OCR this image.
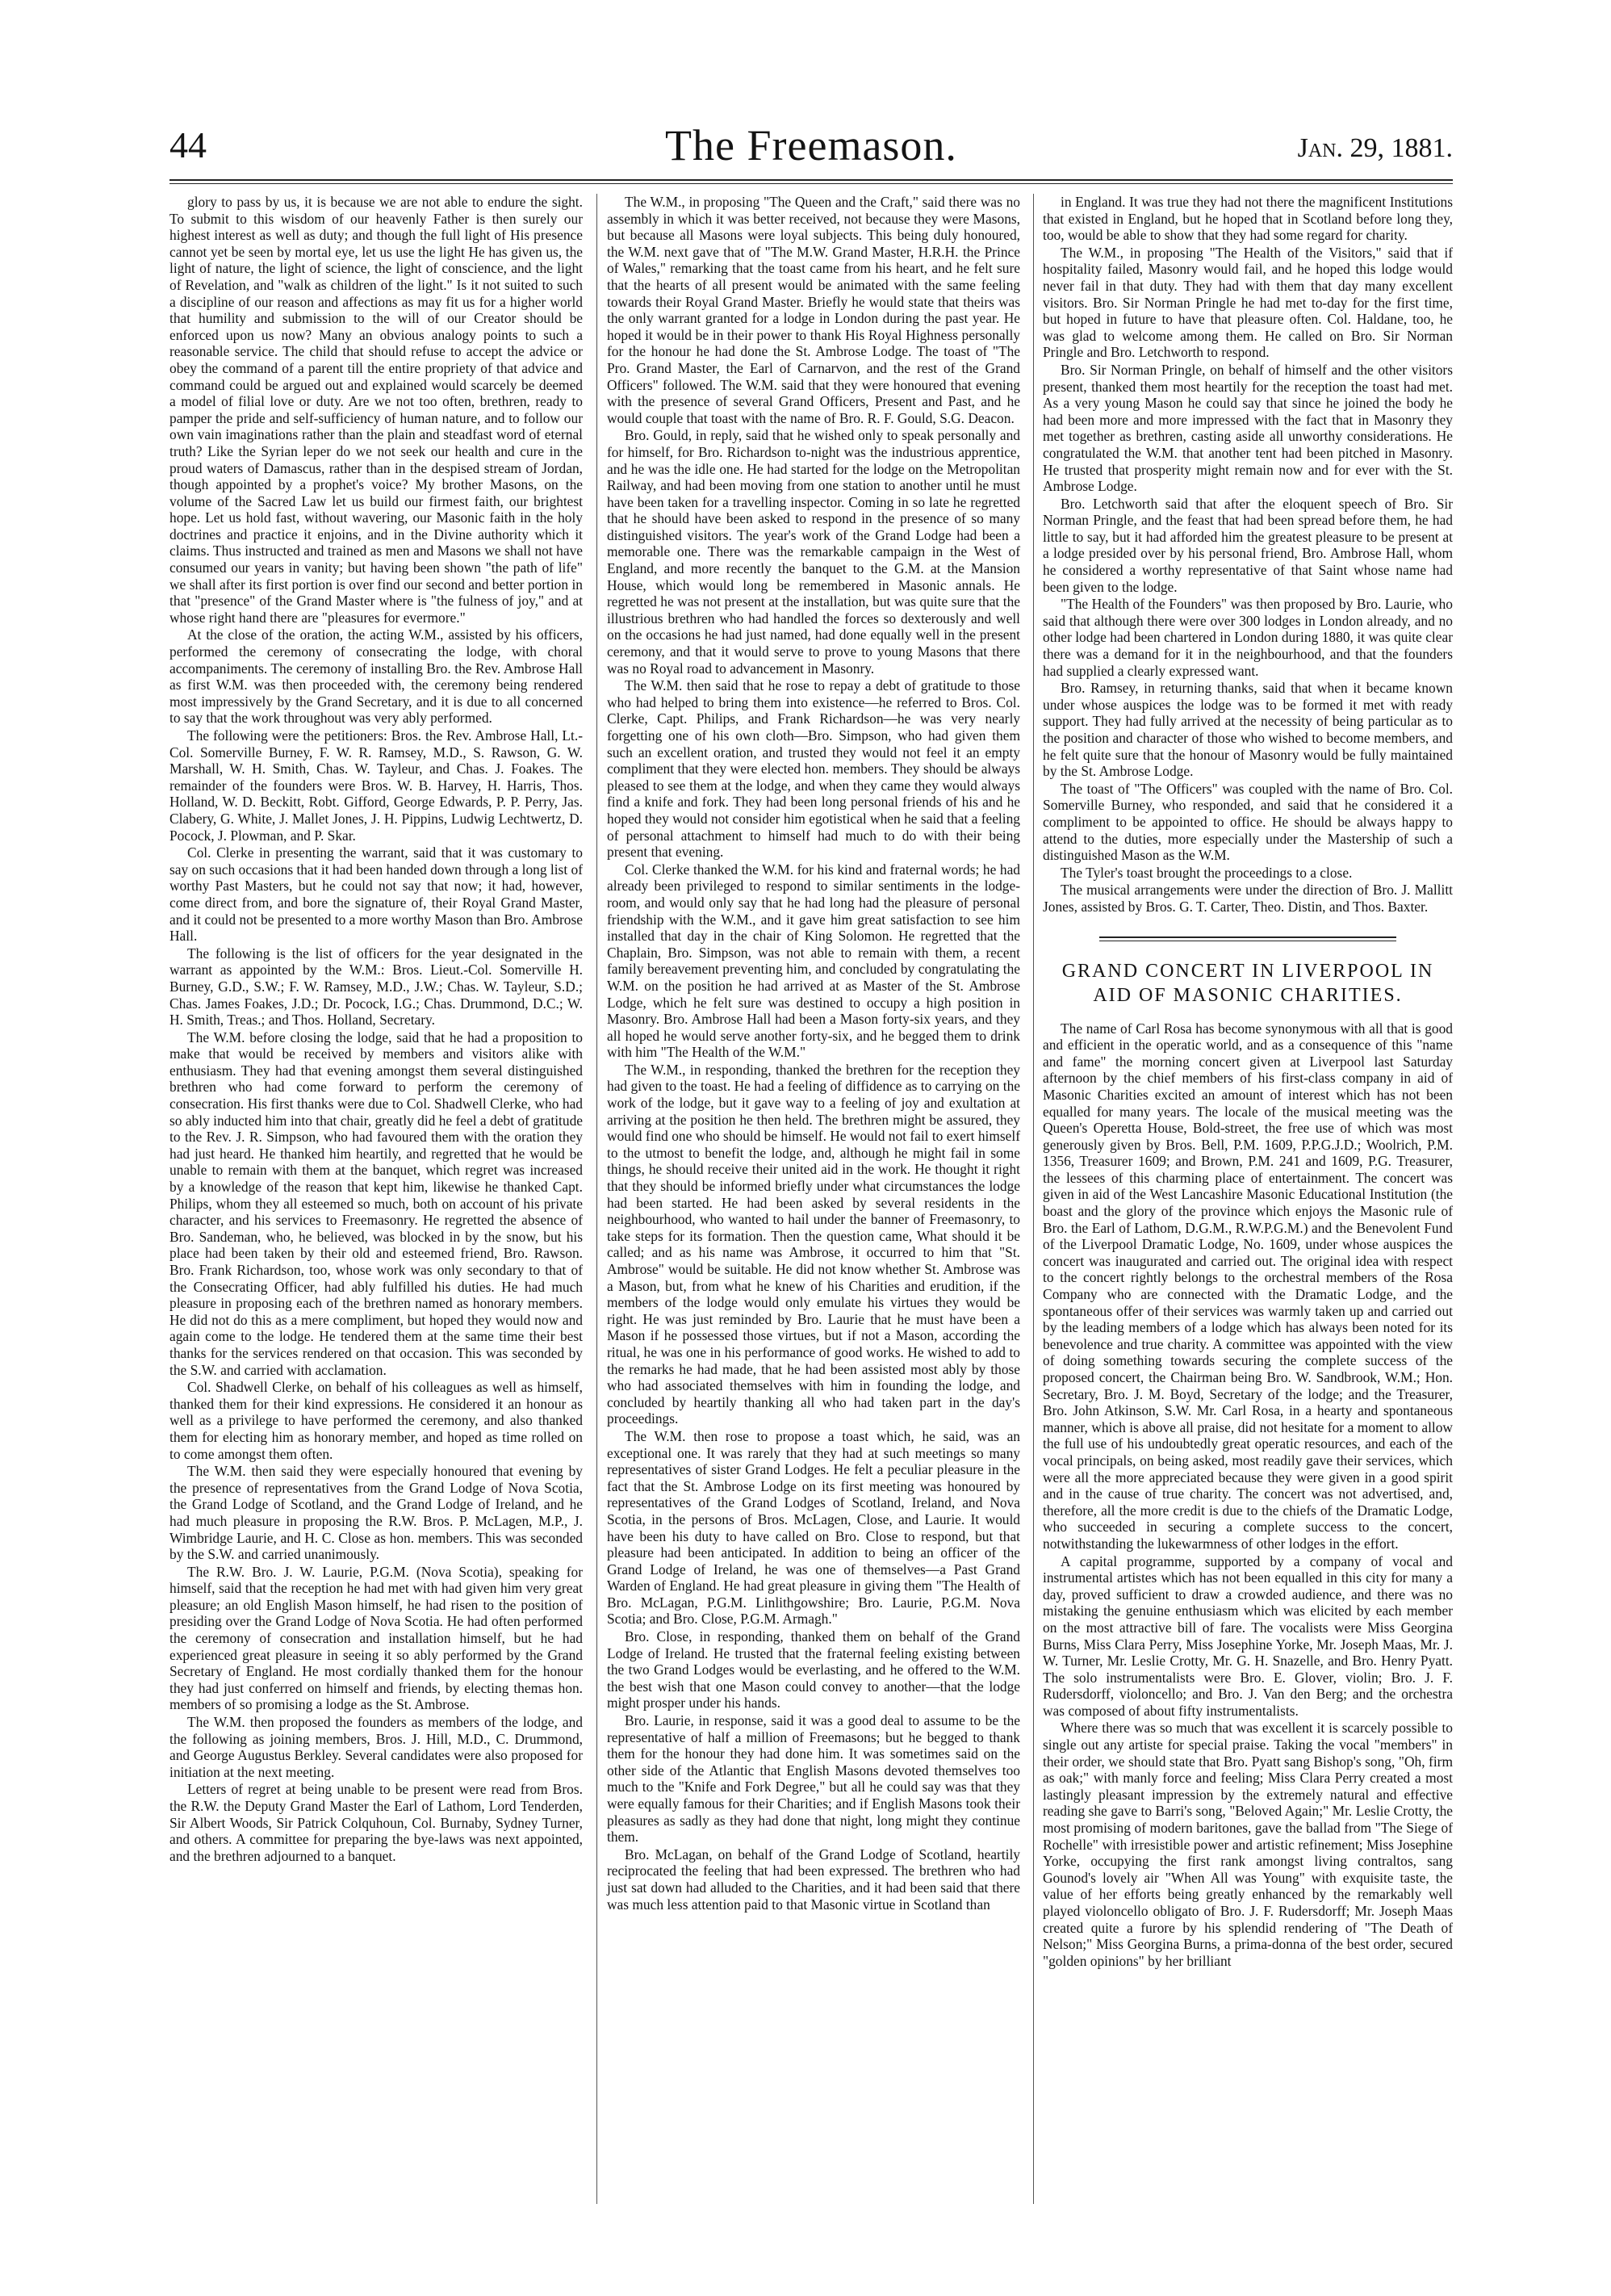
44	The Freemason.	Jan. 29, 1881.

glory to pass by us, it is because we are not able to endure the sight. To submit to this wisdom of our heavenly Father is then surely our highest interest as well as duty; and though the full light of His presence cannot yet be seen by mortal eye, let us use the light He has given us, the light of nature, the light of science, the light of conscience, and the light of Revelation, and "walk as children of the light." Is it not suited to such a discipline of our reason and affections as may fit us for a higher world that humility and submission to the will of our Creator should be enforced upon us now? Many an obvious analogy points to such a reasonable service. The child that should refuse to accept the advice or obey the command of a parent till the entire propriety of that advice and command could be argued out and explained would scarcely be deemed a model of filial love or duty. Are we not too often, brethren, ready to pamper the pride and self-sufficiency of human nature, and to follow our own vain imaginations rather than the plain and steadfast word of eternal truth? Like the Syrian leper do we not seek our health and cure in the proud waters of Damascus, rather than in the despised stream of Jordan, though appointed by a prophet's voice? My brother Masons, on the volume of the Sacred Law let us build our firmest faith, our brightest hope. Let us hold fast, without wavering, our Masonic faith in the holy doctrines and practice it enjoins, and in the Divine authority which it claims. Thus instructed and trained as men and Masons we shall not have consumed our years in vanity; but having been shown "the path of life" we shall after its first portion is over find our second and better portion in that "presence" of the Grand Master where is "the fulness of joy," and at whose right hand there are "pleasures for evermore."

At the close of the oration, the acting W.M., assisted by his officers, performed the ceremony of consecrating the lodge, with choral accompaniments. The ceremony of installing Bro. the Rev. Ambrose Hall as first W.M. was then proceeded with, the ceremony being rendered most impressively by the Grand Secretary, and it is due to all concerned to say that the work throughout was very ably performed.

The following were the petitioners: Bros. the Rev. Ambrose Hall, Lt.-Col. Somerville Burney, F. W. R. Ramsey, M.D., S. Rawson, G. W. Marshall, W. H. Smith, Chas. W. Tayleur, and Chas. J. Foakes. The remainder of the founders were Bros. W. B. Harvey, H. Harris, Thos. Holland, W. D. Beckitt, Robt. Gifford, George Edwards, P. P. Perry, Jas. Clabery, G. White, J. Mallet Jones, J. H. Pippins, Ludwig Lechtwertz, D. Pocock, J. Plowman, and P. Skar.

Col. Clerke in presenting the warrant, said that it was customary to say on such occasions that it had been handed down through a long list of worthy Past Masters, but he could not say that now; it had, however, come direct from, and bore the signature of, their Royal Grand Master, and it could not be presented to a more worthy Mason than Bro. Ambrose Hall.

The following is the list of officers for the year designated in the warrant as appointed by the W.M.: Bros. Lieut.-Col. Somerville H. Burney, G.D., S.W.; F. W. Ramsey, M.D., J.W.; Chas. W. Tayleur, S.D.; Chas. James Foakes, J.D.; Dr. Pocock, I.G.; Chas. Drummond, D.C.; W. H. Smith, Treas.; and Thos. Holland, Secretary.

The W.M. before closing the lodge, said that he had a proposition to make that would be received by members and visitors alike with enthusiasm. They had that evening amongst them several distinguished brethren who had come forward to perform the ceremony of consecration. His first thanks were due to Col. Shadwell Clerke, who had so ably inducted him into that chair, greatly did he feel a debt of gratitude to the Rev. J. R. Simpson, who had favoured them with the oration they had just heard. He thanked him heartily, and regretted that he would be unable to remain with them at the banquet, which regret was increased by a knowledge of the reason that kept him, likewise he thanked Capt. Philips, whom they all esteemed so much, both on account of his private character, and his services to Freemasonry. He regretted the absence of Bro. Sandeman, who, he believed, was blocked in by the snow, but his place had been taken by their old and esteemed friend, Bro. Rawson. Bro. Frank Richardson, too, whose work was only secondary to that of the Consecrating Officer, had ably fulfilled his duties. He had much pleasure in proposing each of the brethren named as honorary members. He did not do this as a mere compliment, but hoped they would now and again come to the lodge. He tendered them at the same time their best thanks for the services rendered on that occasion. This was seconded by the S.W. and carried with acclamation.

Col. Shadwell Clerke, on behalf of his colleagues as well as himself, thanked them for their kind expressions. He considered it an honour as well as a privilege to have performed the ceremony, and also thanked them for electing him as honorary member, and hoped as time rolled on to come amongst them often.

The W.M. then said they were especially honoured that evening by the presence of representatives from the Grand Lodge of Nova Scotia, the Grand Lodge of Scotland, and the Grand Lodge of Ireland, and he had much pleasure in proposing the R.W. Bros. P. McLagen, M.P., J. Wimbridge Laurie, and H. C. Close as hon. members. This was seconded by the S.W. and carried unanimously.

The R.W. Bro. J. W. Laurie, P.G.M. (Nova Scotia), speaking for himself, said that the reception he had met with had given him very great pleasure; an old English Mason himself, he had risen to the position of presiding over the Grand Lodge of Nova Scotia. He had often performed the ceremony of consecration and installation himself, but he had experienced great pleasure in seeing it so ably performed by the Grand Secretary of England. He most cordially thanked them for the honour they had just conferred on himself and friends, by electing themas hon. members of so promising a lodge as the St. Ambrose.

The W.M. then proposed the founders as members of the lodge, and the following as joining members, Bros. J. Hill, M.D., C. Drummond, and George Augustus Berkley. Several candidates were also proposed for initiation at the next meeting.

Letters of regret at being unable to be present were read from Bros. the R.W. the Deputy Grand Master the Earl of Lathom, Lord Tenderden, Sir Albert Woods, Sir Patrick Colquhoun, Col. Burnaby, Sydney Turner, and others. A committee for preparing the bye-laws was next appointed, and the brethren adjourned to a banquet.

The W.M., in proposing "The Queen and the Craft," said there was no assembly in which it was better received, not because they were Masons, but because all Masons were loyal subjects. This being duly honoured, the W.M. next gave that of "The M.W. Grand Master, H.R.H. the Prince of Wales," remarking that the toast came from his heart, and he felt sure that the hearts of all present would be animated with the same feeling towards their Royal Grand Master. Briefly he would state that theirs was the only warrant granted for a lodge in London during the past year. He hoped it would be in their power to thank His Royal Highness personally for the honour he had done the St. Ambrose Lodge. The toast of "The Pro. Grand Master, the Earl of Carnarvon, and the rest of the Grand Officers" followed. The W.M. said that they were honoured that evening with the presence of several Grand Officers, Present and Past, and he would couple that toast with the name of Bro. R. F. Gould, S.G. Deacon.

Bro. Gould, in reply, said that he wished only to speak personally and for himself, for Bro. Richardson to-night was the industrious apprentice, and he was the idle one. He had started for the lodge on the Metropolitan Railway, and had been moving from one station to another until he must have been taken for a travelling inspector. Coming in so late he regretted that he should have been asked to respond in the presence of so many distinguished visitors. The year's work of the Grand Lodge had been a memorable one. There was the remarkable campaign in the West of England, and more recently the banquet to the G.M. at the Mansion House, which would long be remembered in Masonic annals. He regretted he was not present at the installation, but was quite sure that the illustrious brethren who had handled the forces so dexterously and well on the occasions he had just named, had done equally well in the present ceremony, and that it would serve to prove to young Masons that there was no Royal road to advancement in Masonry.

The W.M. then said that he rose to repay a debt of gratitude to those who had helped to bring them into existence—he referred to Bros. Col. Clerke, Capt. Philips, and Frank Richardson—he was very nearly forgetting one of his own cloth—Bro. Simpson, who had given them such an excellent oration, and trusted they would not feel it an empty compliment that they were elected hon. members. They should be always pleased to see them at the lodge, and when they came they would always find a knife and fork. They had been long personal friends of his and he hoped they would not consider him egotistical when he said that a feeling of personal attachment to himself had much to do with their being present that evening.

Col. Clerke thanked the W.M. for his kind and fraternal words; he had already been privileged to respond to similar sentiments in the lodge-room, and would only say that he had long had the pleasure of personal friendship with the W.M., and it gave him great satisfaction to see him installed that day in the chair of King Solomon. He regretted that the Chaplain, Bro. Simpson, was not able to remain with them, a recent family bereavement preventing him, and concluded by congratulating the W.M. on the position he had arrived at as Master of the St. Ambrose Lodge, which he felt sure was destined to occupy a high position in Masonry. Bro. Ambrose Hall had been a Mason forty-six years, and they all hoped he would serve another forty-six, and he begged them to drink with him "The Health of the W.M."

The W.M., in responding, thanked the brethren for the reception they had given to the toast. He had a feeling of diffidence as to carrying on the work of the lodge, but it gave way to a feeling of joy and exultation at arriving at the position he then held. The brethren might be assured, they would find one who should be himself. He would not fail to exert himself to the utmost to benefit the lodge, and, although he might fail in some things, he should receive their united aid in the work. He thought it right that they should be informed briefly under what circumstances the lodge had been started. He had been asked by several residents in the neighbourhood, who wanted to hail under the banner of Freemasonry, to take steps for its formation. Then the question came, What should it be called; and as his name was Ambrose, it occurred to him that "St. Ambrose" would be suitable. He did not know whether St. Ambrose was a Mason, but, from what he knew of his Charities and erudition, if the members of the lodge would only emulate his virtues they would be right. He was just reminded by Bro. Laurie that he must have been a Mason if he possessed those virtues, but if not a Mason, according the ritual, he was one in his performance of good works. He wished to add to the remarks he had made, that he had been assisted most ably by those who had associated themselves with him in founding the lodge, and concluded by heartily thanking all who had taken part in the day's proceedings.

The W.M. then rose to propose a toast which, he said, was an exceptional one. It was rarely that they had at such meetings so many representatives of sister Grand Lodges. He felt a peculiar pleasure in the fact that the St. Ambrose Lodge on its first meeting was honoured by representatives of the Grand Lodges of Scotland, Ireland, and Nova Scotia, in the persons of Bros. McLagen, Close, and Laurie. It would have been his duty to have called on Bro. Close to respond, but that pleasure had been anticipated. In addition to being an officer of the Grand Lodge of Ireland, he was one of themselves—a Past Grand Warden of England. He had great pleasure in giving them "The Health of Bro. McLagan, P.G.M. Linlithgowshire; Bro. Laurie, P.G.M. Nova Scotia; and Bro. Close, P.G.M. Armagh."

Bro. Close, in responding, thanked them on behalf of the Grand Lodge of Ireland. He trusted that the fraternal feeling existing between the two Grand Lodges would be everlasting, and he offered to the W.M. the best wish that one Mason could convey to another—that the lodge might prosper under his hands.

Bro. Laurie, in response, said it was a good deal to assume to be the representative of half a million of Freemasons; but he begged to thank them for the honour they had done him. It was sometimes said on the other side of the Atlantic that English Masons devoted themselves too much to the "Knife and Fork Degree," but all he could say was that they were equally famous for their Charities; and if English Masons took their pleasures as sadly as they had done that night, long might they continue them.

Bro. McLagan, on behalf of the Grand Lodge of Scotland, heartily reciprocated the feeling that had been expressed. The brethren who had just sat down had alluded to the Charities, and it had been said that there was much less attention paid to that Masonic virtue in Scotland than

in England. It was true they had not there the magnificent Institutions that existed in England, but he hoped that in Scotland before long they, too, would be able to show that they had some regard for charity.

The W.M., in proposing "The Health of the Visitors," said that if hospitality failed, Masonry would fail, and he hoped this lodge would never fail in that duty. They had with them that day many excellent visitors. Bro. Sir Norman Pringle he had met to-day for the first time, but hoped in future to have that pleasure often. Col. Haldane, too, he was glad to welcome among them. He called on Bro. Sir Norman Pringle and Bro. Letchworth to respond.

Bro. Sir Norman Pringle, on behalf of himself and the other visitors present, thanked them most heartily for the reception the toast had met. As a very young Mason he could say that since he joined the body he had been more and more impressed with the fact that in Masonry they met together as brethren, casting aside all unworthy considerations. He congratulated the W.M. that another tent had been pitched in Masonry. He trusted that prosperity might remain now and for ever with the St. Ambrose Lodge.

Bro. Letchworth said that after the eloquent speech of Bro. Sir Norman Pringle, and the feast that had been spread before them, he had little to say, but it had afforded him the greatest pleasure to be present at a lodge presided over by his personal friend, Bro. Ambrose Hall, whom he considered a worthy representative of that Saint whose name had been given to the lodge.

"The Health of the Founders" was then proposed by Bro. Laurie, who said that although there were over 300 lodges in London already, and no other lodge had been chartered in London during 1880, it was quite clear there was a demand for it in the neighbourhood, and that the founders had supplied a clearly expressed want.

Bro. Ramsey, in returning thanks, said that when it became known under whose auspices the lodge was to be formed it met with ready support. They had fully arrived at the necessity of being particular as to the position and character of those who wished to become members, and he felt quite sure that the honour of Masonry would be fully maintained by the St. Ambrose Lodge.

The toast of "The Officers" was coupled with the name of Bro. Col. Somerville Burney, who responded, and said that he considered it a compliment to be appointed to office. He should be always happy to attend to the duties, more especially under the Mastership of such a distinguished Mason as the W.M.

The Tyler's toast brought the proceedings to a close.

The musical arrangements were under the direction of Bro. J. Mallitt Jones, assisted by Bros. G. T. Carter, Theo. Distin, and Thos. Baxter.

GRAND CONCERT IN LIVERPOOL IN
AID OF MASONIC CHARITIES.

The name of Carl Rosa has become synonymous with all that is good and efficient in the operatic world, and as a consequence of this "name and fame" the morning concert given at Liverpool last Saturday afternoon by the chief members of his first-class company in aid of Masonic Charities excited an amount of interest which has not been equalled for many years. The locale of the musical meeting was the Queen's Operetta House, Bold-street, the free use of which was most generously given by Bros. Bell, P.M. 1609, P.P.G.J.D.; Woolrich, P.M. 1356, Treasurer 1609; and Brown, P.M. 241 and 1609, P.G. Treasurer, the lessees of this charming place of entertainment. The concert was given in aid of the West Lancashire Masonic Educational Institution (the boast and the glory of the province which enjoys the Masonic rule of Bro. the Earl of Lathom, D.G.M., R.W.P.G.M.) and the Benevolent Fund of the Liverpool Dramatic Lodge, No. 1609, under whose auspices the concert was inaugurated and carried out. The original idea with respect to the concert rightly belongs to the orchestral members of the Rosa Company who are connected with the Dramatic Lodge, and the spontaneous offer of their services was warmly taken up and carried out by the leading members of a lodge which has always been noted for its benevolence and true charity. A committee was appointed with the view of doing something towards securing the complete success of the proposed concert, the Chairman being Bro. W. Sandbrook, W.M.; Hon. Secretary, Bro. J. M. Boyd, Secretary of the lodge; and the Treasurer, Bro. John Atkinson, S.W. Mr. Carl Rosa, in a hearty and spontaneous manner, which is above all praise, did not hesitate for a moment to allow the full use of his undoubtedly great operatic resources, and each of the vocal principals, on being asked, most readily gave their services, which were all the more appreciated because they were given in a good spirit and in the cause of true charity. The concert was not advertised, and, therefore, all the more credit is due to the chiefs of the Dramatic Lodge, who succeeded in securing a complete success to the concert, notwithstanding the lukewarmness of other lodges in the effort.

A capital programme, supported by a company of vocal and instrumental artistes which has not been equalled in this city for many a day, proved sufficient to draw a crowded audience, and there was no mistaking the genuine enthusiasm which was elicited by each member on the most attractive bill of fare. The vocalists were Miss Georgina Burns, Miss Clara Perry, Miss Josephine Yorke, Mr. Joseph Maas, Mr. J. W. Turner, Mr. Leslie Crotty, Mr. G. H. Snazelle, and Bro. Henry Pyatt. The solo instrumentalists were Bro. E. Glover, violin; Bro. J. F. Rudersdorff, violoncello; and Bro. J. Van den Berg; and the orchestra was composed of about fifty instrumentalists.

Where there was so much that was excellent it is scarcely possible to single out any artiste for special praise. Taking the vocal "members" in their order, we should state that Bro. Pyatt sang Bishop's song, "Oh, firm as oak;" with manly force and feeling; Miss Clara Perry created a most lastingly pleasant impression by the extremely natural and effective reading she gave to Barri's song, "Beloved Again;" Mr. Leslie Crotty, the most promising of modern baritones, gave the ballad from "The Siege of Rochelle" with irresistible power and artistic refinement; Miss Josephine Yorke, occupying the first rank amongst living contraltos, sang Gounod's lovely air "When All was Young" with exquisite taste, the value of her efforts being greatly enhanced by the remarkably well played violoncello obligato of Bro. J. F. Rudersdorff; Mr. Joseph Maas created quite a furore by his splendid rendering of "The Death of Nelson;" Miss Georgina Burns, a prima-donna of the best order, secured "golden opinions" by her brilliant
